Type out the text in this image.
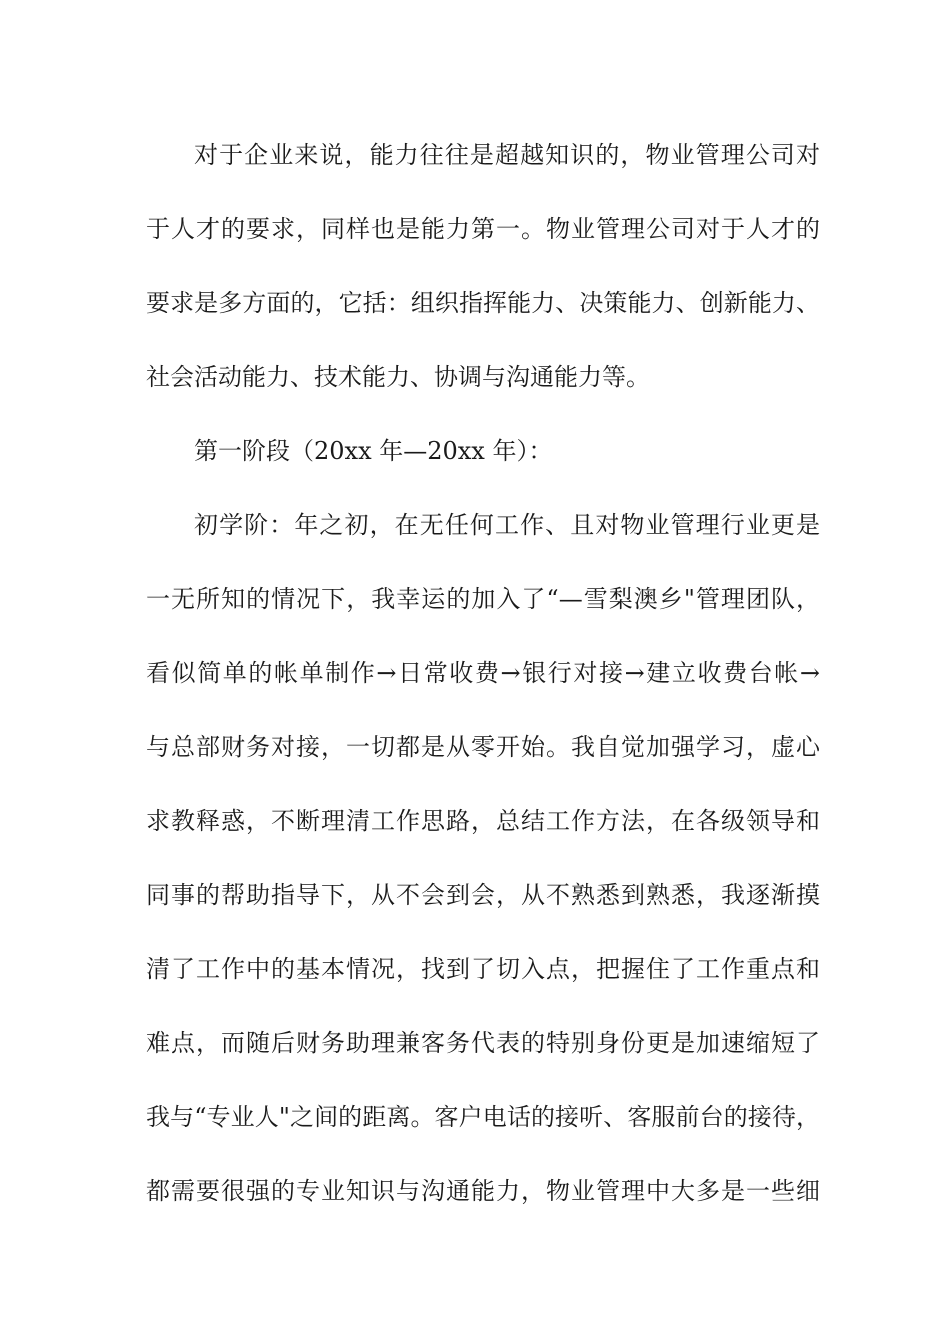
对于企业来说，能力往往是超越知识的，物业管理公司对
于人才的要求，同样也是能力第一。物业管理公司对于人才的
要求是多方面的，它括：组织指挥能力、决策能力、创新能力、
社会活动能力、技术能力、协调与沟通能力等。
第一阶段（20xx 年—20xx 年）：
初学阶：年之初，在无任何工作、且对物业管理行业更是
一无所知的情况下，我幸运的加入了“—雪梨澳乡"管理团队，
看似简单的帐单制作→日常收费→银行对接→建立收费台帐→
与总部财务对接，一切都是从零开始。我自觉加强学习，虚心
求教释惑，不断理清工作思路，总结工作方法，在各级领导和
同事的帮助指导下，从不会到会，从不熟悉到熟悉，我逐渐摸
清了工作中的基本情况，找到了切入点，把握住了工作重点和
难点，而随后财务助理兼客务代表的特别身份更是加速缩短了
我与“专业人"之间的距离。客户电话的接听、客服前台的接待，
都需要很强的专业知识与沟通能力，物业管理中大多是一些细
